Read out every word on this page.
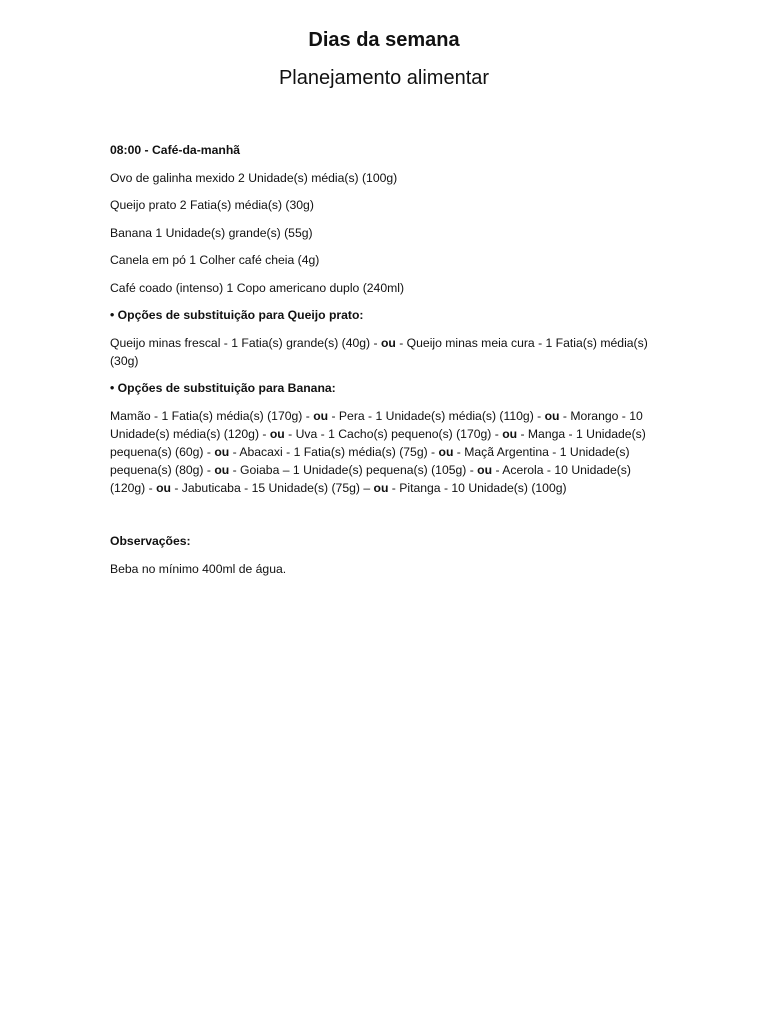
Dias da semana
Planejamento alimentar

08:00 - Café-da-manhã

Ovo de galinha mexido 2 Unidade(s) média(s) (100g)

Queijo prato 2 Fatia(s) média(s) (30g)

Banana 1 Unidade(s) grande(s) (55g)

Canela em pó 1 Colher café cheia (4g)

Café coado (intenso) 1 Copo americano duplo (240ml)

• Opções de substituição para Queijo prato:

Queijo minas frescal - 1 Fatia(s) grande(s) (40g) - ou - Queijo minas meia cura - 1 Fatia(s) média(s) (30g)

• Opções de substituição para Banana:

Mamão - 1 Fatia(s) média(s) (170g) - ou - Pera - 1 Unidade(s) média(s) (110g) - ou - Morango - 10 Unidade(s) média(s) (120g) - ou - Uva - 1 Cacho(s) pequeno(s) (170g) - ou - Manga - 1 Unidade(s) pequena(s) (60g) - ou - Abacaxi - 1 Fatia(s) média(s) (75g) - ou - Maçã Argentina - 1 Unidade(s) pequena(s) (80g) - ou - Goiaba – 1 Unidade(s) pequena(s) (105g) - ou - Acerola - 10 Unidade(s) (120g) - ou - Jabuticaba - 15 Unidade(s) (75g) – ou - Pitanga - 10 Unidade(s) (100g)

Observações:

Beba no mínimo 400ml de água.
